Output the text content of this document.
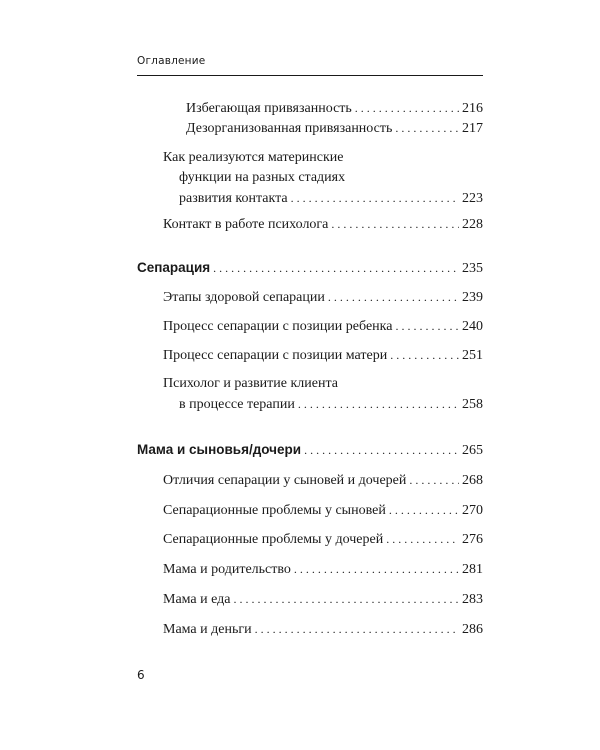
Оглавление
Избегающая привязанность . . .	216
Дезорганизованная привязанность . . .	217
Как реализуются материнские
функции на разных стадиях
развития контакта . . .	223
Контакт в работе психолога . . .	228
Сепарация . . .	235
Этапы здоровой сепарации . . .	239
Процесс сепарации с позиции ребенка . . .	240
Процесс сепарации с позиции матери . . .	251
Психолог и развитие клиента
в процессе терапии . . .	258
Мама и сыновья/дочери . . .	265
Отличия сепарации у сыновей и дочерей . . .	268
Сепарационные проблемы у сыновей . . .	270
Сепарационные проблемы у дочерей . . .	276
Мама и родительство . . .	281
Мама и еда . . .	283
Мама и деньги . . .	286
6
